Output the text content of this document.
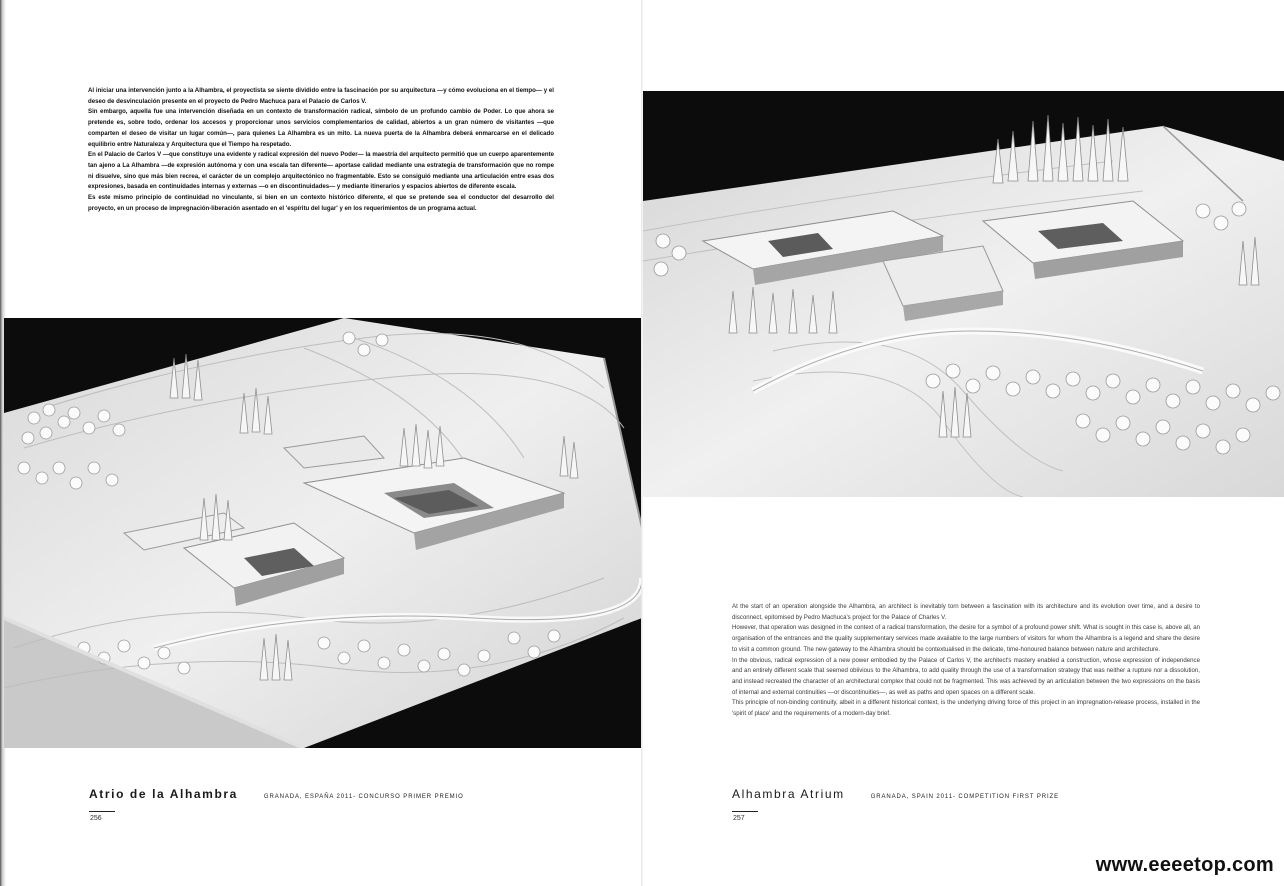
Al iniciar una intervención junto a la Alhambra, el proyectista se siente dividido entre la fascinación por su arquitectura —y cómo evoluciona en el tiempo— y el deseo de desvinculación presente en el proyecto de Pedro Machuca para el Palacio de Carlos V.

Sin embargo, aquella fue una intervención diseñada en un contexto de transformación radical, símbolo de un profundo cambio de Poder. Lo que ahora se pretende es, sobre todo, ordenar los accesos y proporcionar unos servicios complementarios de calidad, abiertos a un gran número de visitantes —que comparten el deseo de visitar un lugar común—, para quienes La Alhambra es un mito. La nueva puerta de la Alhambra deberá enmarcarse en el delicado equilibrio entre Naturaleza y Arquitectura que el Tiempo ha respetado.

En el Palacio de Carlos V —que constituye una evidente y radical expresión del nuevo Poder— la maestría del arquitecto permitió que un cuerpo aparentemente tan ajeno a La Alhambra —de expresión autónoma y con una escala tan diferente— aportase calidad mediante una estrategia de transformación que no rompe ni disuelve, sino que más bien recrea, el carácter de un complejo arquitectónico no fragmentable. Esto se consiguió mediante una articulación entre esas dos expresiones, basada en continuidades internas y externas —o en discontinuidades— y mediante itinerarios y espacios abiertos de diferente escala.

Es este mismo principio de continuidad no vinculante, si bien en un contexto histórico diferente, el que se pretende sea el conductor del desarrollo del proyecto, en un proceso de impregnación-liberación asentado en el 'espíritu del lugar' y en los requerimientos de un programa actual.

Atrio de la Alhambra	GRANADA, ESPAÑA 2011- CONCURSO PRIMER PREMIO
256

At the start of an operation alongside the Alhambra, an architect is inevitably torn between a fascination with its architecture and its evolution over time, and a desire to disconnect, epitomised by Pedro Machuca's project for the Palace of Charles V.

However, that operation was designed in the context of a radical transformation, the desire for a symbol of a profound power shift. What is sought in this case is, above all, an organisation of the entrances and the quality supplementary services made available to the large numbers of visitors for whom the Alhambra is a legend and share the desire to visit a common ground. The new gateway to the Alhambra should be contextualised in the delicate, time-honoured balance between nature and architecture.

In the obvious, radical expression of a new power embodied by the Palace of Carlos V, the architect's mastery enabled a construction, whose expression of independence and an entirely different scale that seemed oblivious to the Alhambra, to add quality through the use of a transformation strategy that was neither a rupture nor a dissolution, and instead recreated the character of an architectural complex that could not be fragmented. This was achieved by an articulation between the two expressions on the basis of internal and external continuities —or discontinuities—, as well as paths and open spaces on a different scale.

This principle of non-binding continuity, albeit in a different historical context, is the underlying driving force of this project in an impregnation-release process, installed in the 'spirit of place' and the requirements of a modern-day brief.

Alhambra Atrium	GRANADA, SPAIN 2011- COMPETITION FIRST PRIZE
257
www.eeeetop.com
